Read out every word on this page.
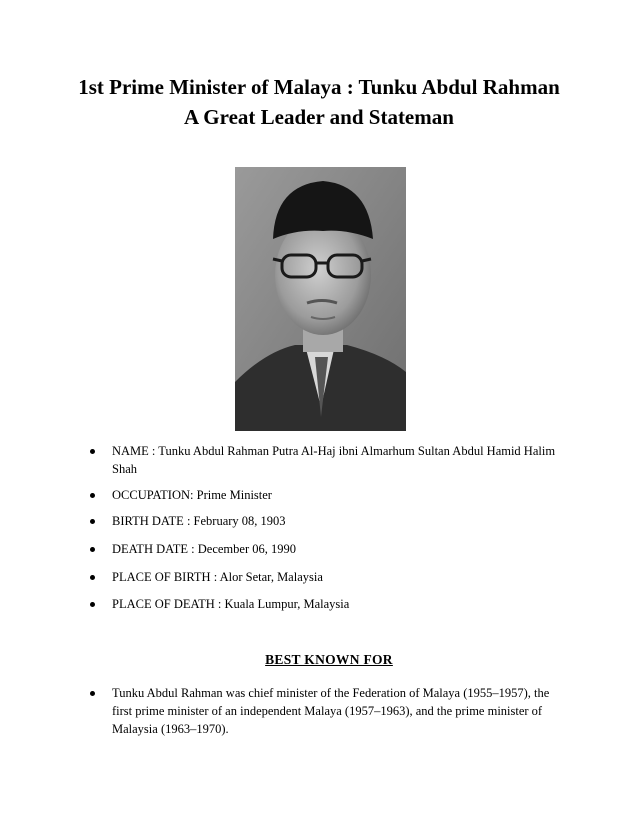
1st Prime Minister of Malaya : Tunku Abdul Rahman
A Great Leader and Stateman
NAME : Tunku Abdul Rahman Putra Al-Haj ibni Almarhum Sultan Abdul Hamid Halim Shah
OCCUPATION: Prime Minister
BIRTH DATE : February 08, 1903
DEATH DATE : December 06, 1990
PLACE OF BIRTH : Alor Setar, Malaysia
PLACE OF DEATH : Kuala Lumpur, Malaysia
BEST KNOWN FOR
Tunku Abdul Rahman was chief minister of the Federation of Malaya (1955–1957), the first prime minister of an independent Malaya (1957–1963), and the prime minister of Malaysia (1963–1970).
